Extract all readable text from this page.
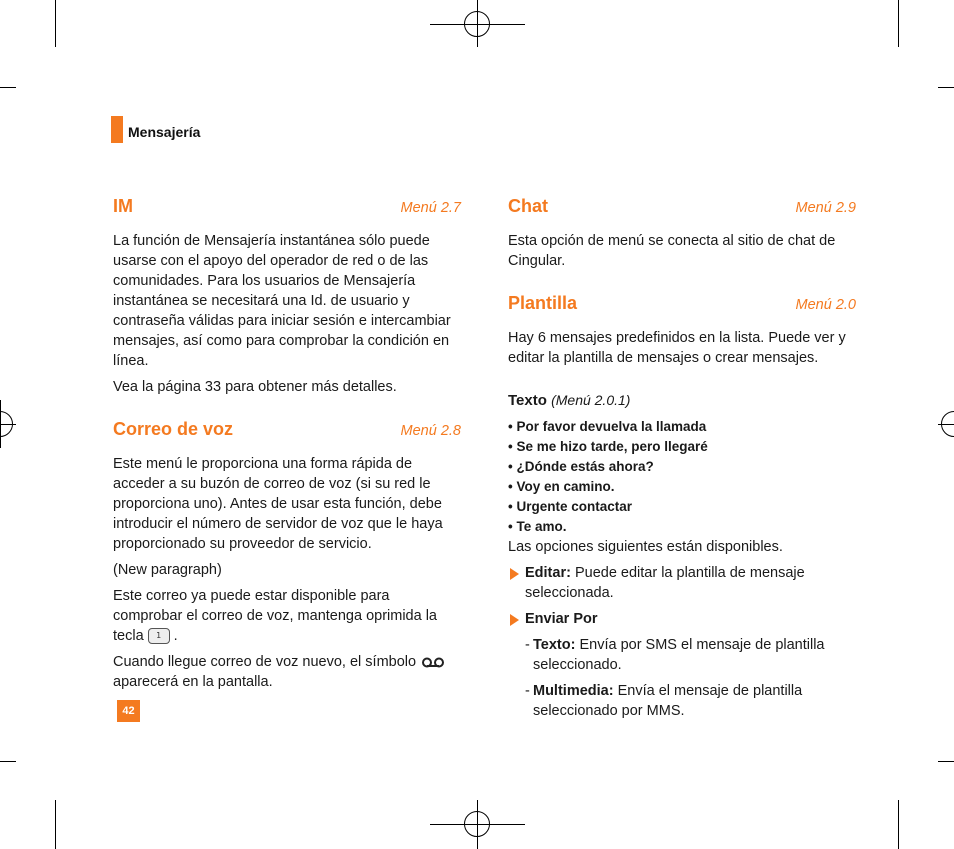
Mensajería
IM	Menú 2.7

La función de Mensajería instantánea sólo puede usarse con el apoyo del operador de red o de las comunidades. Para los usuarios de Mensajería instantánea se necesitará una Id. de usuario y contraseña válidas para iniciar sesión e intercambiar mensajes, así como para comprobar la condición en línea.

Vea la página 33 para obtener más detalles.

Correo de voz	Menú 2.8

Este menú le proporciona una forma rápida de acceder a su buzón de correo de voz (si su red le proporciona uno). Antes de usar esta función, debe introducir el número de servidor de voz que le haya proporcionado su proveedor de servicio.

(New paragraph)

Este correo ya puede estar disponible para comprobar el correo de voz, mantenga oprimida la tecla 1 .

Cuando llegue correo de voz nuevo, el símbolo
aparecerá en la pantalla.

Chat	Menú 2.9

Esta opción de menú se conecta al sitio de chat de Cingular.

Plantilla	Menú 2.0

Hay 6 mensajes predefinidos en la lista. Puede ver y editar la plantilla de mensajes o crear mensajes.

Texto (Menú 2.0.1)
• Por favor devuelva la llamada
• Se me hizo tarde, pero llegaré
• ¿Dónde estás ahora?
• Voy en camino.
• Urgente contactar
• Te amo.

Las opciones siguientes están disponibles.

Editar: Puede editar la plantilla de mensaje seleccionada.
Enviar Por
- Texto: Envía por SMS el mensaje de plantilla seleccionado.
- Multimedia: Envía el mensaje de plantilla seleccionado por MMS.
42
